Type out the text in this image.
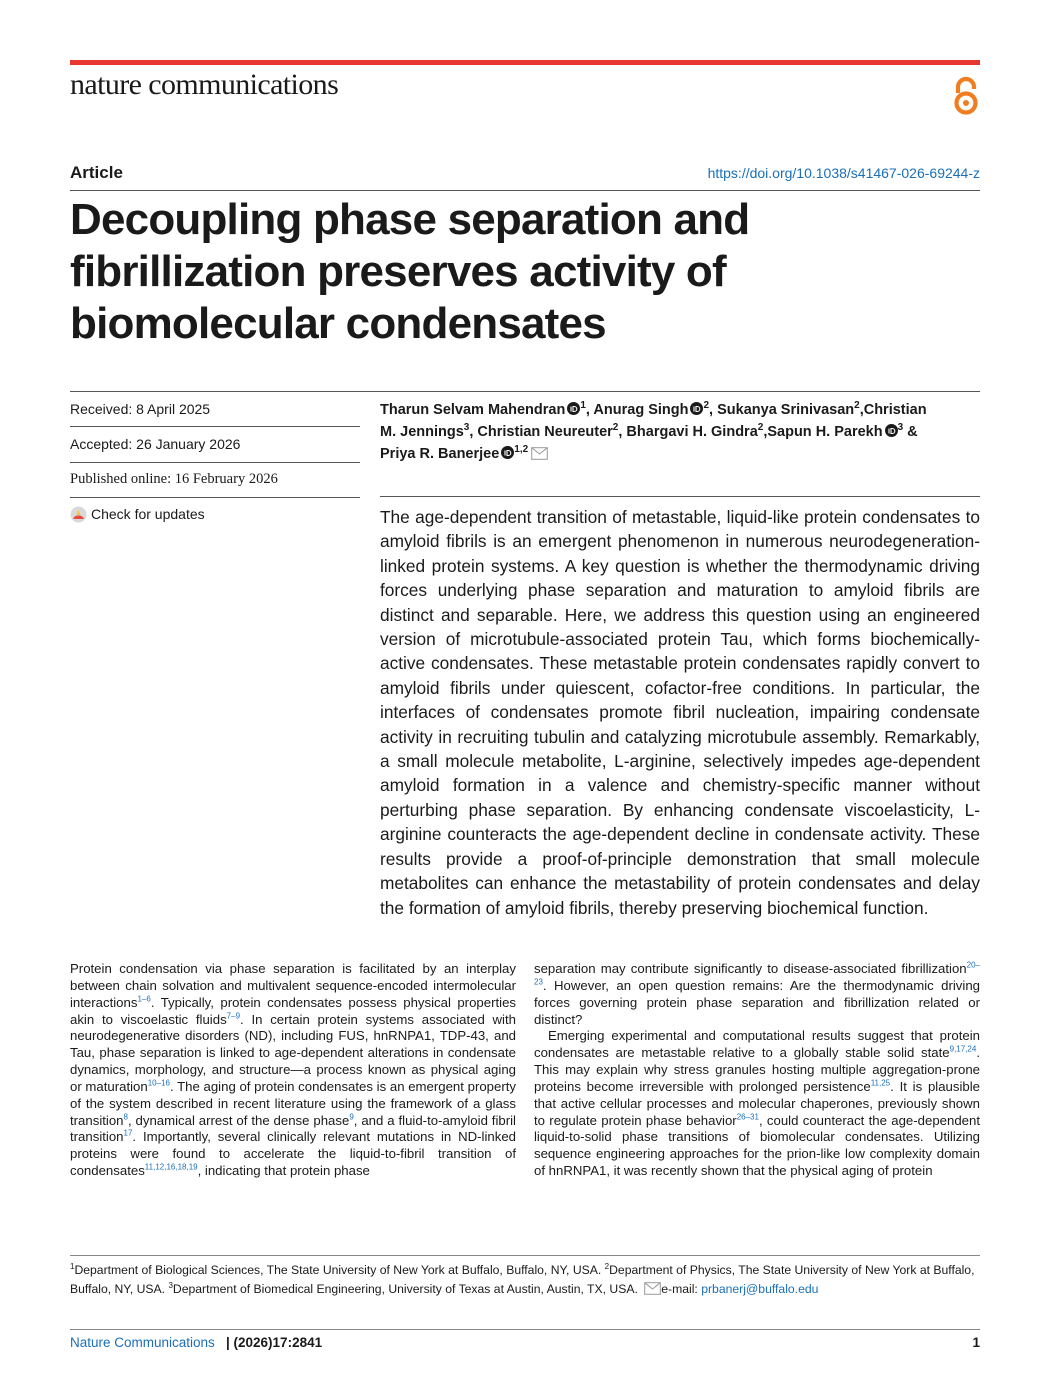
nature communications
Article	https://doi.org/10.1038/s41467-026-69244-z
Decoupling phase separation and fibrillization preserves activity of biomolecular condensates
Received: 8 April 2025
Accepted: 26 January 2026
Published online: 16 February 2026
Check for updates
Tharun Selvam Mahendran $^1$, Anurag Singh $^2$, Sukanya Srinivasan$^2$,Christian M. Jennings$^3$, Christian Neureuter$^2$, Bhargavi H. Gindra$^2$,Sapun H. Parekh $^3$ & Priya R. Banerjee $^{1,2}$

The age-dependent transition of metastable, liquid-like protein condensates to amyloid fibrils is an emergent phenomenon in numerous neurodegeneration-linked protein systems. A key question is whether the thermodynamic driving forces underlying phase separation and maturation to amyloid fibrils are distinct and separable. Here, we address this question using an engineered version of microtubule-associated protein Tau, which forms biochemically-active condensates. These metastable protein condensates rapidly convert to amyloid fibrils under quiescent, cofactor-free conditions. In particular, the interfaces of condensates promote fibril nucleation, impairing condensate activity in recruiting tubulin and catalyzing microtubule assembly. Remarkably, a small molecule metabolite, L-arginine, selectively impedes age-dependent amyloid formation in a valence and chemistry-specific manner without perturbing phase separation. By enhancing condensate viscoelasticity, L-arginine counteracts the age-dependent decline in condensate activity. These results provide a proof-of-principle demonstration that small molecule metabolites can enhance the metastability of protein condensates and delay the formation of amyloid fibrils, thereby preserving biochemical function.

Protein condensation via phase separation is facilitated by an interplay between chain solvation and multivalent sequence-encoded intermolecular interactions$^{1-6}$. Typically, protein condensates possess physical properties akin to viscoelastic fluids$^{7-9}$. In certain protein systems associated with neurodegenerative disorders (ND), including FUS, hnRNPA1, TDP-43, and Tau, phase separation is linked to age-dependent alterations in condensate dynamics, morphology, and structure—a process known as physical aging or maturation$^{10-16}$. The aging of protein condensates is an emergent property of the system described in recent literature using the framework of a glass transition$^8$, dynamical arrest of the dense phase$^9$, and a fluid-to-amyloid fibril transition$^{17}$. Importantly, several clinically relevant mutations in ND-linked proteins were found to accelerate the liquid-to-fibril transition of condensates$^{11,12,16,18,19}$, indicating that protein phase

separation may contribute significantly to disease-associated fibrillization$^{20-23}$. However, an open question remains: Are the thermodynamic driving forces governing protein phase separation and fibrillization related or distinct?

Emerging experimental and computational results suggest that protein condensates are metastable relative to a globally stable solid state$^{9,17,24}$. This may explain why stress granules hosting multiple aggregation-prone proteins become irreversible with prolonged persistence$^{11,25}$. It is plausible that active cellular processes and molecular chaperones, previously shown to regulate protein phase behavior$^{26-31}$, could counteract the age-dependent liquid-to-solid phase transitions of biomolecular condensates. Utilizing sequence engineering approaches for the prion-like low complexity domain of hnRNPA1, it was recently shown that the physical aging of protein

$^1$Department of Biological Sciences, The State University of New York at Buffalo, Buffalo, NY, USA. $^2$Department of Physics, The State University of New York at Buffalo, Buffalo, NY, USA. $^3$Department of Biomedical Engineering, University of Texas at Austin, Austin, TX, USA. e-mail: prbanerj@buffalo.edu

Nature Communications | (2026)17:2841	1
